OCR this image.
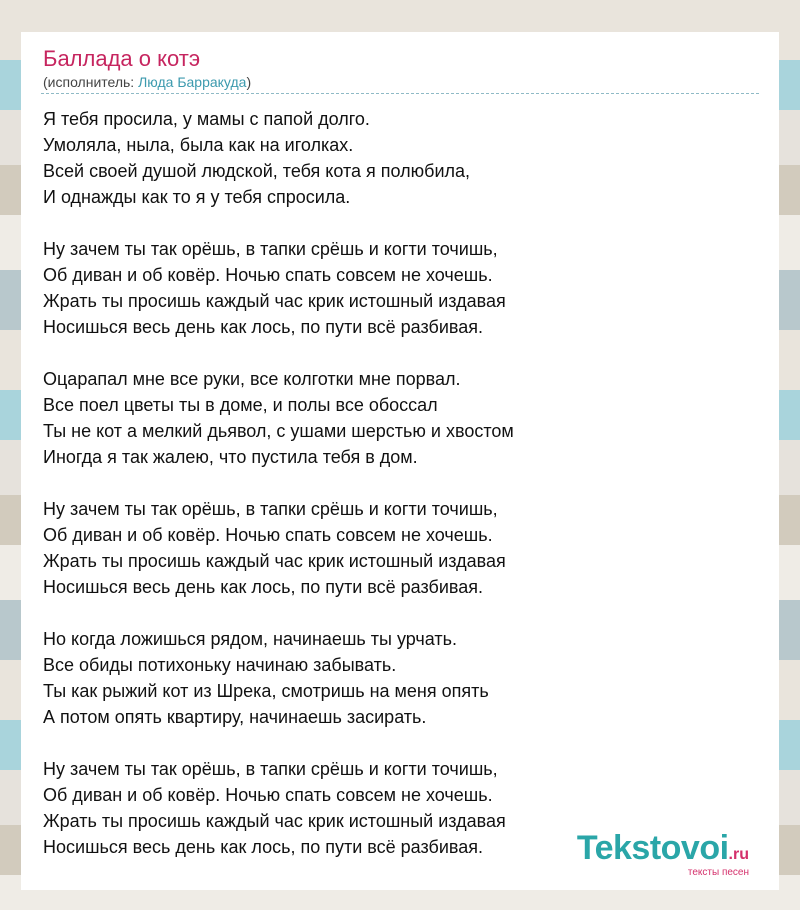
Баллада о котэ
(исполнитель: Люда Барракуда)
Я тебя просила, у мамы с папой долго.
Умоляла, ныла, была как на иголках.
Всей своей душой людской, тебя кота я полюбила,
И однажды как то я у тебя спросила.
Ну зачем ты так орёшь, в тапки срёшь и когти точишь,
Об диван и об ковёр. Ночью спать совсем не хочешь.
Жрать ты просишь каждый час крик истошный издавая
Носишься весь день как лось, по пути всё разбивая.
Оцарапал мне все руки, все колготки мне порвал.
Все поел цветы ты в доме, и полы все обоссал
Ты не кот а мелкий дьявол, с ушами шерстью и хвостом
Иногда я так жалею, что пустила тебя в дом.
Ну зачем ты так орёшь, в тапки срёшь и когти точишь,
Об диван и об ковёр. Ночью спать совсем не хочешь.
Жрать ты просишь каждый час крик истошный издавая
Носишься весь день как лось, по пути всё разбивая.
Но когда ложишься рядом, начинаешь ты урчать.
Все обиды потихоньку начинаю забывать.
Ты как рыжий кот из Шрека, смотришь на меня опять
А потом опять квартиру, начинаешь засирать.
Ну зачем ты так орёшь, в тапки срёшь и когти точишь,
Об диван и об ковёр. Ночью спать совсем не хочешь.
Жрать ты просишь каждый час крик истошный издавая
Носишься весь день как лось, по пути всё разбивая.	Tekstovoi.ru
тексты песен
